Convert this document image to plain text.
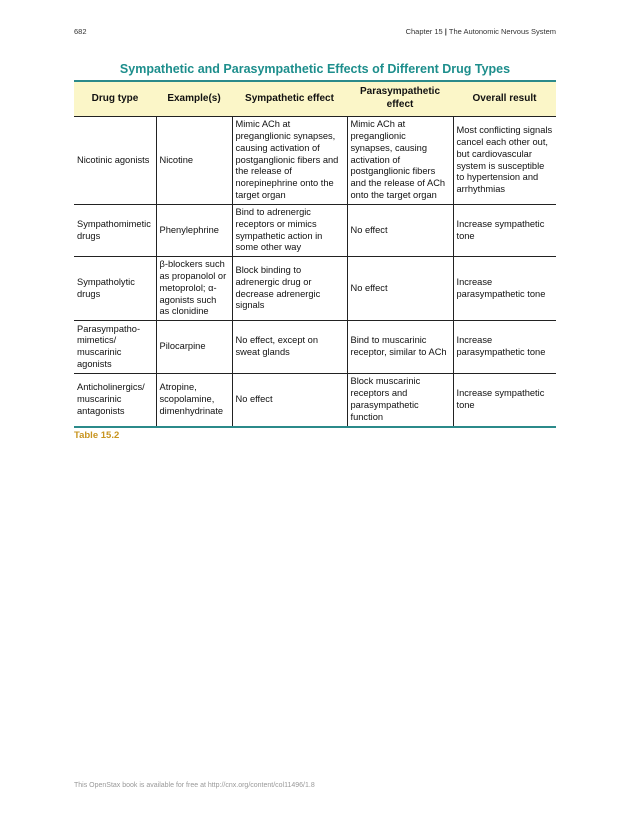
682	Chapter 15 | The Autonomic Nervous System
Sympathetic and Parasympathetic Effects of Different Drug Types
Drug type	Example(s)	Sympathetic effect	Parasympathetic effect	Overall result
Nicotinic agonists	Nicotine	Mimic ACh at preganglionic synapses, causing activation of postganglionic fibers and the release of norepinephrine onto the target organ	Mimic ACh at preganglionic synapses, causing activation of postganglionic fibers and the release of ACh onto the target organ	Most conflicting signals cancel each other out, but cardiovascular system is susceptible to hypertension and arrhythmias
Sympathomimetic drugs	Phenylephrine	Bind to adrenergic receptors or mimics sympathetic action in some other way	No effect	Increase sympathetic tone
Sympatholytic drugs	β-blockers such as propanolol or metoprolol; α-agonists such as clonidine	Block binding to adrenergic drug or decrease adrenergic signals	No effect	Increase parasympathetic tone
Parasympatho-mimetics/ muscarinic agonists	Pilocarpine	No effect, except on sweat glands	Bind to muscarinic receptor, similar to ACh	Increase parasympathetic tone
Anticholinergics/ muscarinic antagonists	Atropine, scopolamine, dimenhydrinate	No effect	Block muscarinic receptors and parasympathetic function	Increase sympathetic tone
Table 15.2
This OpenStax book is available for free at http://cnx.org/content/col11496/1.8
